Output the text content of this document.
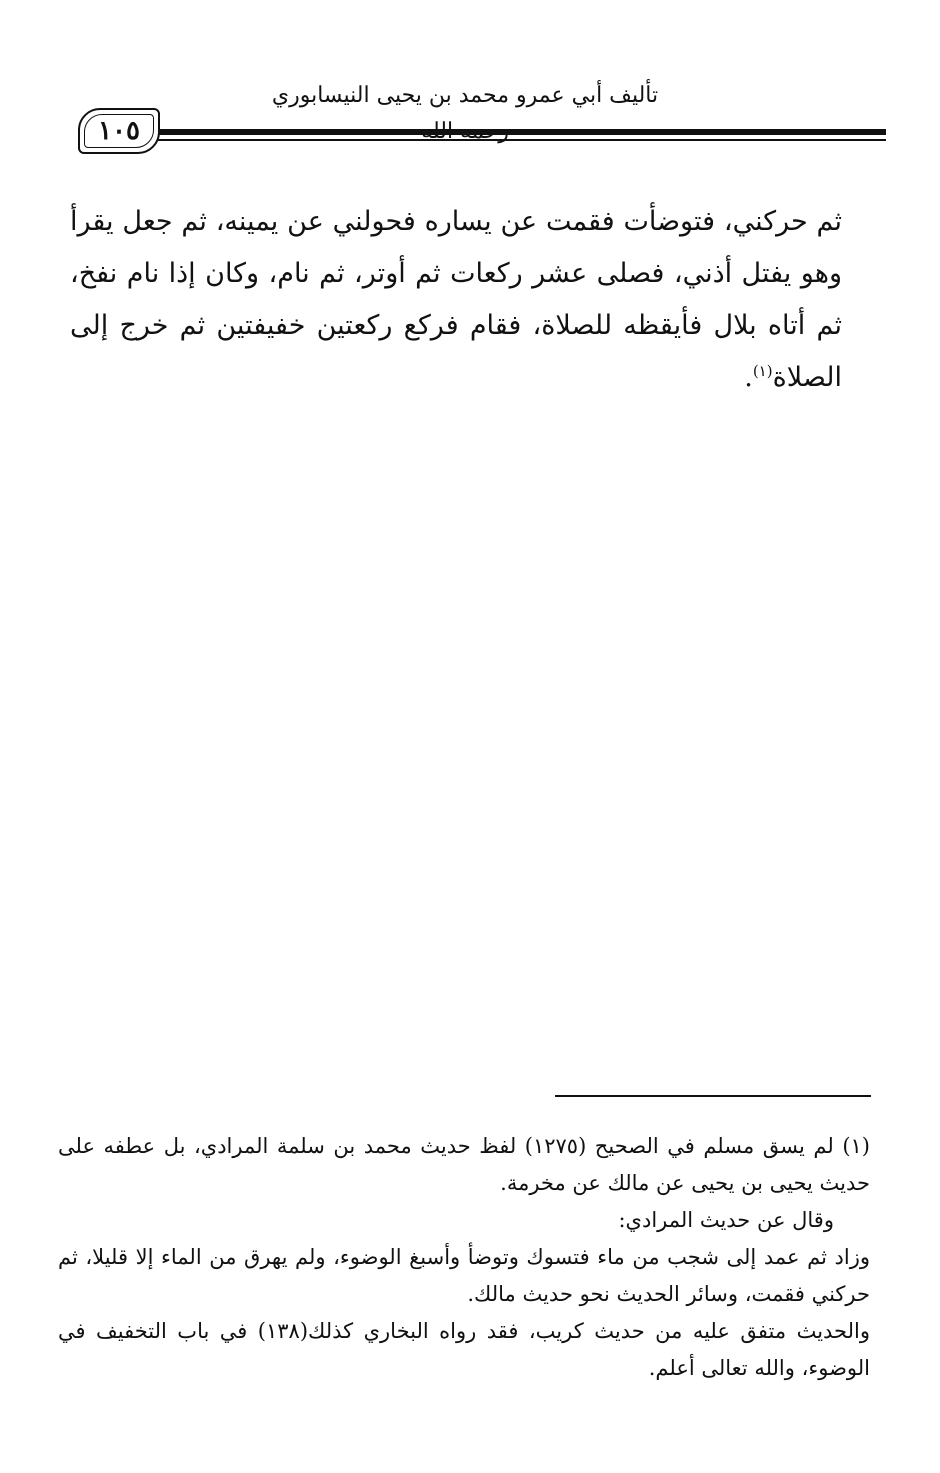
تأليف أبي عمرو محمد بن يحيى النيسابوري
١٠٥

ثم حركني، فتوضأت فقمت عن يساره فحولني عن يمينه، ثم جعل يقرأ وهو يفتل أذني، فصلى عشر ركعات ثم أوتر، ثم نام، وكان إذا نام نفخ، ثم أتاه بلال فأيقظه للصلاة، فقام فركع ركعتين خفيفتين ثم خرج إلى الصلاة$^{(١)}$.

(١) لم يسق مسلم في الصحيح (١٢٧٥) لفظ حديث محمد بن سلمة المرادي، بل عطفه على حديث يحيى بن يحيى عن مالك عن مخرمة.

وقال عن حديث المرادي:

وزاد ثم عمد إلى شجب من ماء فتسوك وتوضأ وأسبغ الوضوء، ولم يهرق من الماء إلا قليلا، ثم حركني فقمت، وسائر الحديث نحو حديث مالك.

والحديث متفق عليه من حديث كريب، فقد رواه البخاري كذلك(١٣٨) في باب التخفيف في الوضوء، والله تعالى أعلم.
